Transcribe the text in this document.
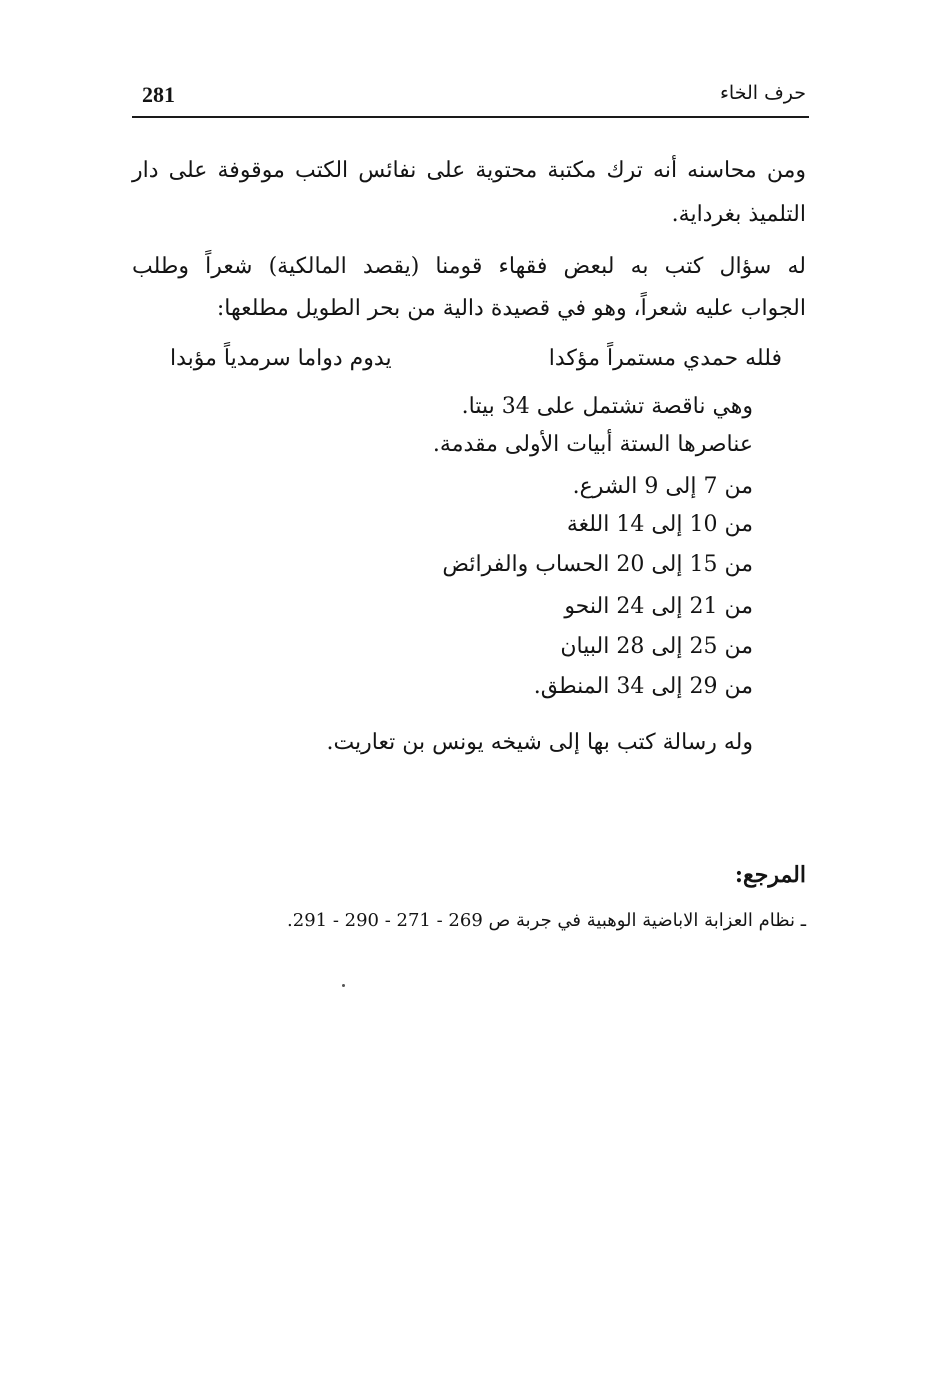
281	حرف الخاء
ومن محاسنه أنه ترك مكتبة محتوية على نفائس الكتب موقوفة على دار
التلميذ بغرداية.
له سؤال كتب به لبعض فقهاء قومنا (يقصد المالكية) شعراً وطلب
الجواب عليه شعراً، وهو في قصيدة دالية من بحر الطويل مطلعها:
فلله حمدي مستمراً مؤكدا
يدوم دواما سرمدياً مؤبدا
وهي ناقصة تشتمل على 34 بيتا.
عناصرها الستة أبيات الأولى مقدمة.
من 7 إلى 9 الشرع.
من 10 إلى 14 اللغة
من 15 إلى 20 الحساب والفرائض
من 21 إلى 24 النحو
من 25 إلى 28 البيان
من 29 إلى 34 المنطق.
وله رسالة كتب بها إلى شيخه يونس بن تعاريت.
المرجع:
ـ نظام العزابة الاباضية الوهبية في جربة ص 269 - 271 - 290 - 291.
